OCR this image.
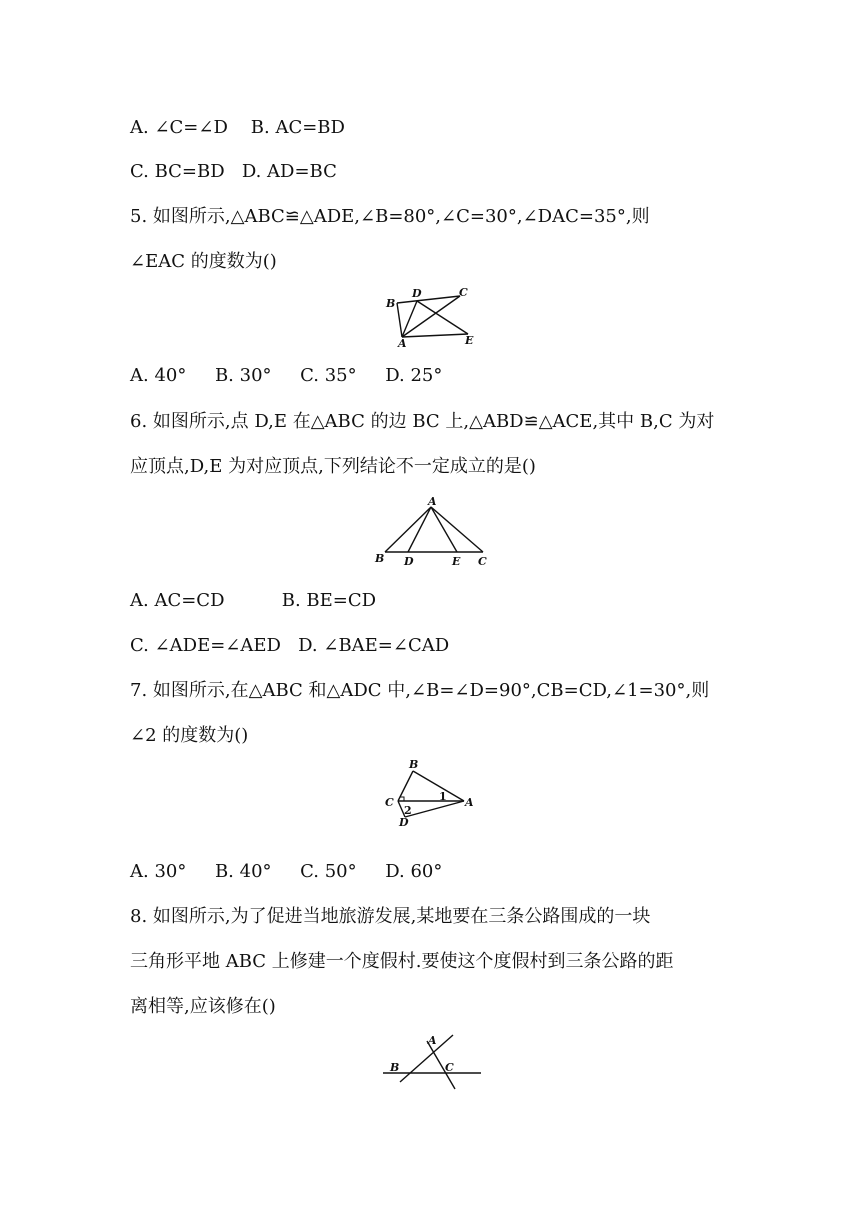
A. ∠C=∠D    B. AC=BD
C. BC=BD   D. AD=BC
5. 如图所示,△ABC≌△ADE,∠B=80°,∠C=30°,∠DAC=35°,则
∠EAC 的度数为()
B
D	C
A	E
A. 40°     B. 30°     C. 35°     D. 25°
6. 如图所示,点 D,E 在△ABC 的边 BC 上,△ABD≌△ACE,其中 B,C 为对
应顶点,D,E 为对应顶点,下列结论不一定成立的是()
A
B D	E C
A. AC=CD          B. BE=CD
C. ∠ADE=∠AED   D. ∠BAE=∠CAD
7. 如图所示,在△ABC 和△ADC 中,∠B=∠D=90°,CB=CD,∠1=30°,则
∠2 的度数为()
B
C	A
D
1
2
A. 30°     B. 40°     C. 50°     D. 60°
8. 如图所示,为了促进当地旅游发展,某地要在三条公路围成的一块
三角形平地 ABC 上修建一个度假村.要使这个度假村到三条公路的距
离相等,应该修在()
A
B	C
